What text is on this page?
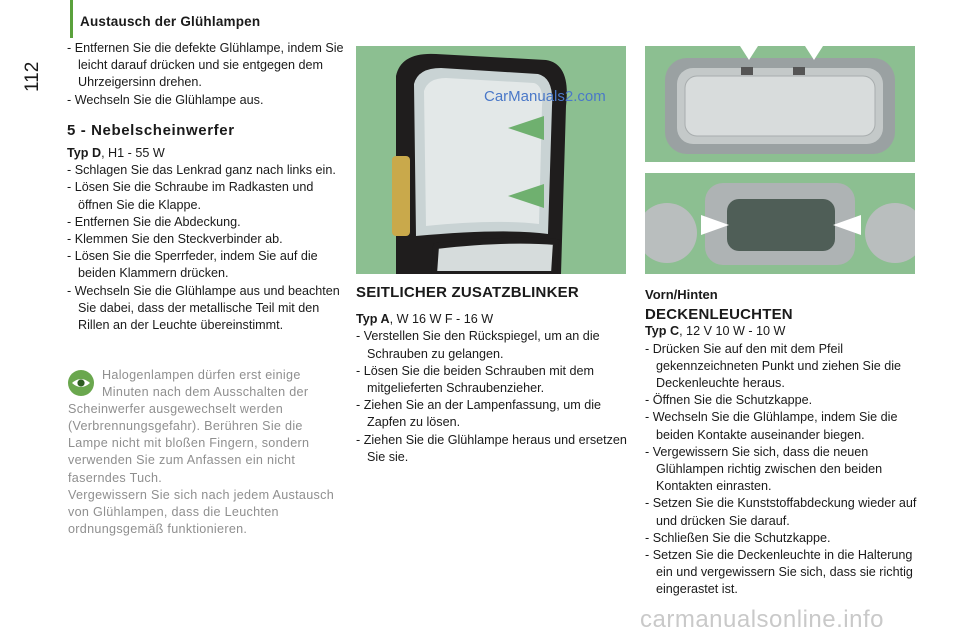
Austausch der Glühlampen
112

- Entfernen Sie die defekte Glühlampe, indem Sie leicht darauf drücken und sie entgegen dem Uhrzeigersinn drehen.

- Wechseln Sie die Glühlampe aus.

5 - Nebelscheinwerfer

Typ D, H1 - 55 W

- Schlagen Sie das Lenkrad ganz nach links ein.

- Lösen Sie die Schraube im Radkasten und öffnen Sie die Klappe.

- Entfernen Sie die Abdeckung.

- Klemmen Sie den Steckverbinder ab.

- Lösen Sie die Sperrfeder, indem Sie auf die beiden Klammern drücken.

- Wechseln Sie die Glühlampe aus und beachten Sie dabei, dass der metallische Teil mit den Rillen an der Leuchte übereinstimmt.

Halogenlampen dürfen erst einige Minuten nach dem Ausschalten der

Scheinwerfer ausgewechselt werden (Verbrennungsgefahr). Berühren Sie die Lampe nicht mit bloßen Fingern, sondern verwenden Sie zum Anfassen ein nicht faserndes Tuch.

Vergewissern Sie sich nach jedem Austausch von Glühlampen, dass die Leuchten ordnungsgemäß funktionieren.

CarManuals2.com

SEITLICHER ZUSATZBLINKER

Typ A, W 16 W F - 16 W

- Verstellen Sie den Rückspiegel, um an die Schrauben zu gelangen.

- Lösen Sie die beiden Schrauben mit dem mitgelieferten Schraubenzieher.

- Ziehen Sie an der Lampenfassung, um die Zapfen zu lösen.

- Ziehen Sie die Glühlampe heraus und ersetzen Sie sie.

Vorn/Hinten

DECKENLEUCHTEN

Typ C, 12 V 10 W - 10 W

- Drücken Sie auf den mit dem Pfeil gekennzeichneten Punkt und ziehen Sie die Deckenleuchte heraus.

- Öffnen Sie die Schutzkappe.

- Wechseln Sie die Glühlampe, indem Sie die beiden Kontakte auseinander biegen.

- Vergewissern Sie sich, dass die neuen Glühlampen richtig zwischen den beiden Kontakten einrasten.

- Setzen Sie die Kunststoffabdeckung wieder auf und drücken Sie darauf.

- Schließen Sie die Schutzkappe.

- Setzen Sie die Deckenleuchte in die Halterung ein und vergewissern Sie sich, dass sie richtig eingerastet ist.

carmanualsonline.info
